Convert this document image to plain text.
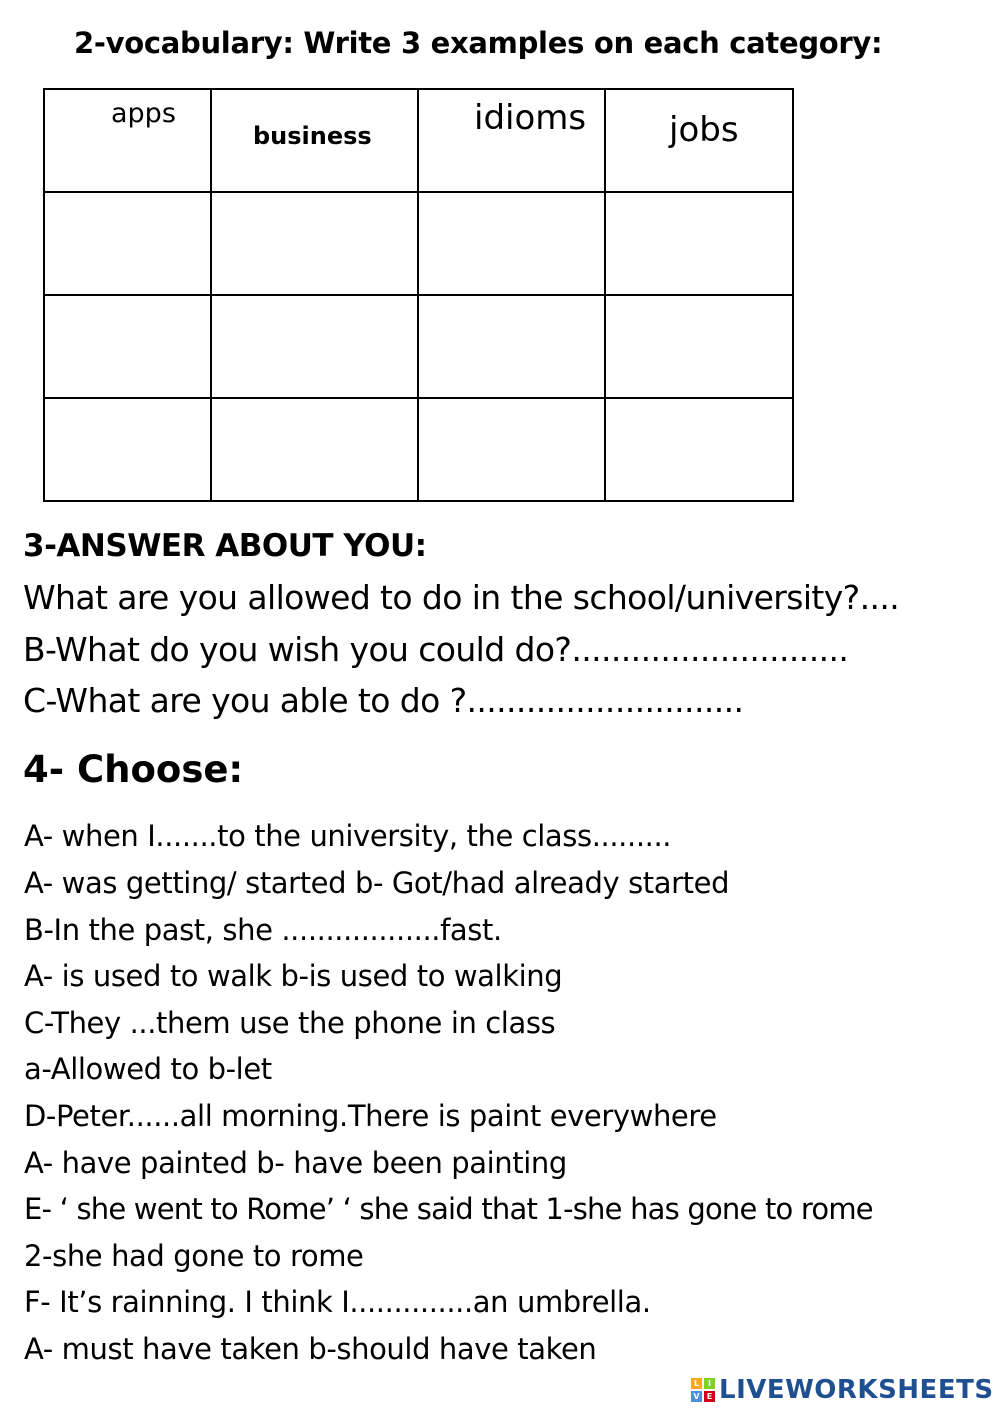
2-vocabulary: Write 3 examples on each category:
apps	business	idioms	jobs

3-ANSWER ABOUT YOU:
What are you allowed to do in the school/university?....
B-What do you wish you could do?............................
C-What are you able to do ?............................
4- Choose:
A- when I.......to the university, the class.........
A- was getting/ started b- Got/had already started
B-In the past, she ..................fast.
A- is used to walk b-is used to walking
C-They ...them use the phone in class
a-Allowed to b-let
D-Peter......all morning.There is paint everywhere
A- have painted b- have been painting
E- ‘ she went to Rome’ ‘ she said that 1-she has gone to rome
2-she had gone to rome
F- It’s rainning. I think I..............an umbrella.
A- must have taken b-should have taken
L	I
V E LIVEWORKSHEETS
